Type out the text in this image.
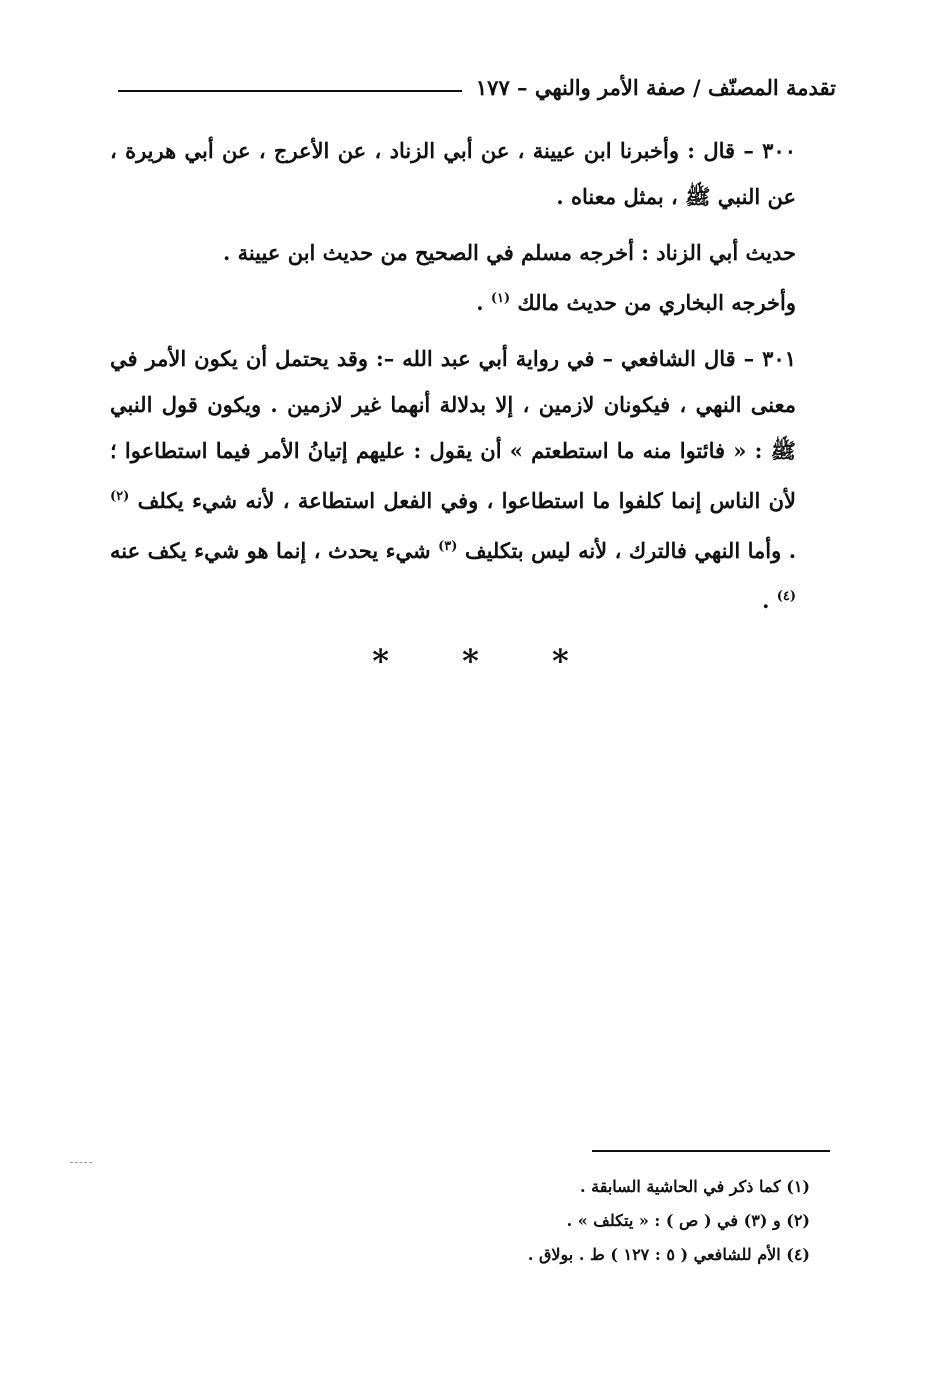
تقدمة المصنّف / صفة الأمر والنهي – ١٧٧

٣٠٠ – قال : وأخبرنا ابن عيينة ، عن أبي الزناد ، عن الأعرج ، عن أبي هريرة ، عن النبي ﷺ ، بمثل معناه .

حديث أبي الزناد : أخرجه مسلم في الصحيح من حديث ابن عيينة .

وأخرجه البخاري من حديث مالك $^{(١)}$ .

٣٠١ – قال الشافعي – في رواية أبي عبد الله –: وقد يحتمل أن يكون الأمر في معنى النهي ، فيكونان لازمين ، إلا بدلالة أنهما غير لازمين . ويكون قول النبي ﷺ : « فائتوا منه ما استطعتم » أن يقول : عليهم إتيانُ الأمر فيما استطاعوا ؛ لأن الناس إنما كلفوا ما استطاعوا ، وفي الفعل استطاعة ، لأنه شيء يكلف $^{(٢)}$ . وأما النهي فالترك ، لأنه ليس بتكليف $^{(٣)}$ شيء يحدث ، إنما هو شيء يكف عنه $^{(٤)}$ .

* * *

(١) كما ذكر في الحاشية السابقة .

(٢) و (٣) في ( ص ) : « يتكلف » .

(٤) الأم للشافعي ( ٥ : ١٢٧ ) ط . بولاق .
